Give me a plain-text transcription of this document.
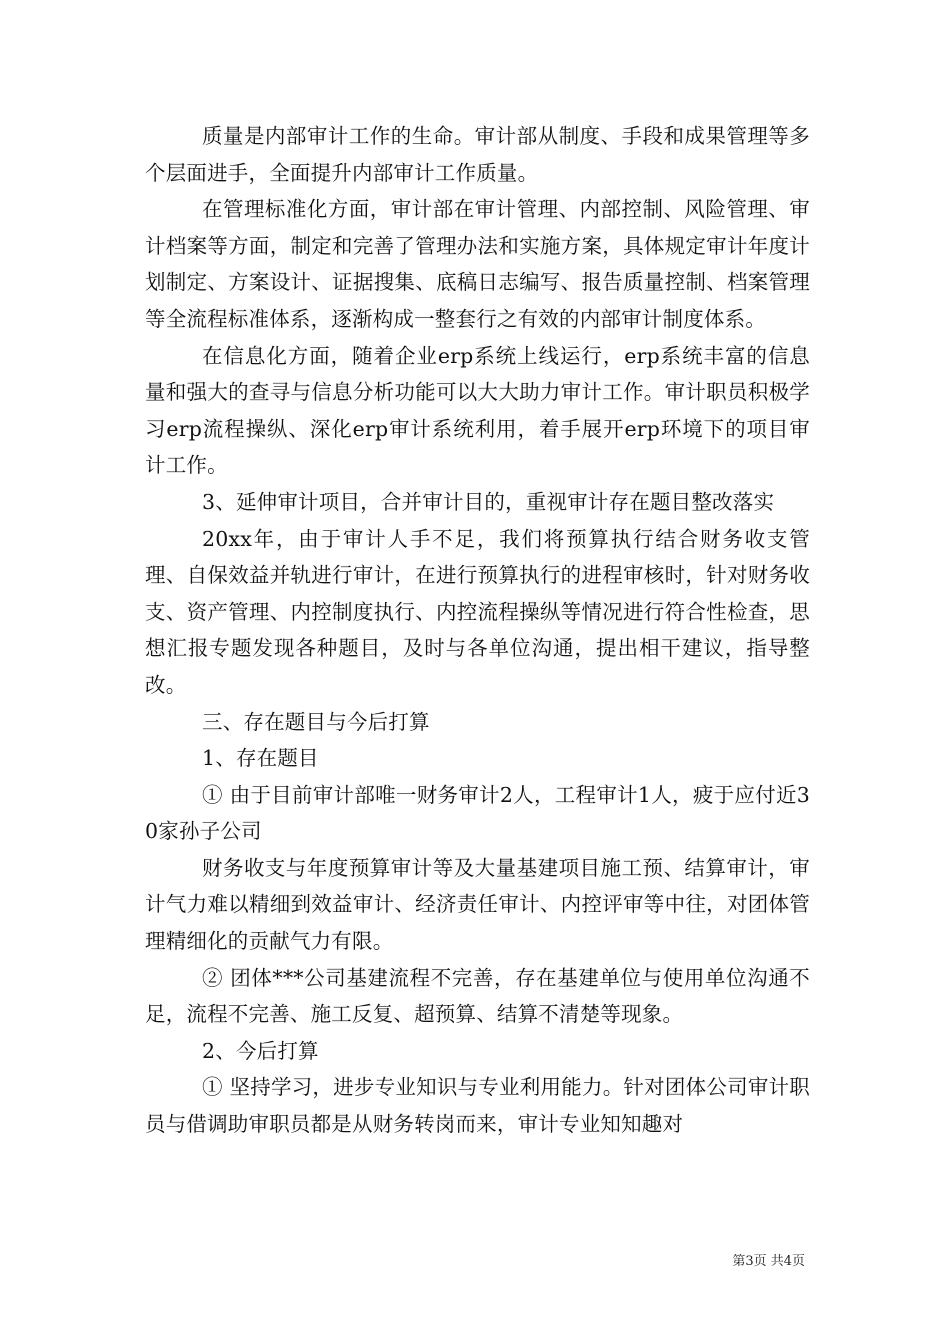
质量是内部审计工作的生命。审计部从制度、手段和成果管理等多个层面进手，全面提升内部审计工作质量。

在管理标准化方面，审计部在审计管理、内部控制、风险管理、审计档案等方面，制定和完善了管理办法和实施方案，具体规定审计年度计划制定、方案设计、证据搜集、底稿日志编写、报告质量控制、档案管理等全流程标准体系，逐渐构成一整套行之有效的内部审计制度体系。

在信息化方面，随着企业erp系统上线运行，erp系统丰富的信息量和强大的查寻与信息分析功能可以大大助力审计工作。审计职员积极学习erp流程操纵、深化erp审计系统利用，着手展开erp环境下的项目审计工作。

3、延伸审计项目，合并审计目的，重视审计存在题目整改落实

20xx年，由于审计人手不足，我们将预算执行结合财务收支管理、自保效益并轨进行审计，在进行预算执行的进程审核时，针对财务收支、资产管理、内控制度执行、内控流程操纵等情况进行符合性检查，思想汇报专题发现各种题目，及时与各单位沟通，提出相干建议，指导整改。

三、存在题目与今后打算

1、存在题目

① 由于目前审计部唯一财务审计2人，工程审计1人，疲于应付近30家孙子公司

财务收支与年度预算审计等及大量基建项目施工预、结算审计，审计气力难以精细到效益审计、经济责任审计、内控评审等中往，对团体管理精细化的贡献气力有限。

② 团体***公司基建流程不完善，存在基建单位与使用单位沟通不足，流程不完善、施工反复、超预算、结算不清楚等现象。

2、今后打算

① 坚持学习，进步专业知识与专业利用能力。针对团体公司审计职员与借调助审职员都是从财务转岗而来，审计专业知知趣对

第3页 共4页
